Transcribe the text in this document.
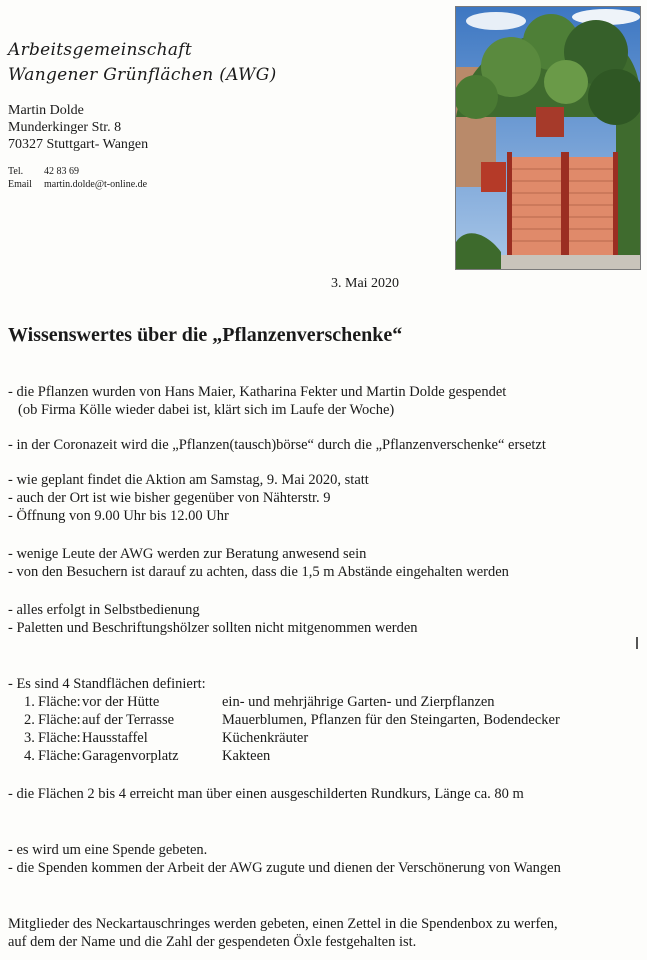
Arbeitsgemeinschaft
Wangener Grünflächen (AWG)
Martin Dolde
Munderkinger Str. 8
70327 Stuttgart- Wangen
Tel. 42 83 69
Email martin.dolde@t-online.de
3. Mai 2020
Wissenswertes über die „Pflanzenverschenke“

- die Pflanzen wurden von Hans Maier, Katharina Fekter und Martin Dolde gespendet

(ob Firma Kölle wieder dabei ist, klärt sich im Laufe der Woche)

- in der Coronazeit wird die „Pflanzen(tausch)börse“ durch die „Pflanzenverschenke“ ersetzt

- wie geplant findet die Aktion am Samstag, 9. Mai 2020, statt

- auch der Ort ist wie bisher gegenüber von Nähterstr. 9

- Öffnung von 9.00 Uhr bis 12.00 Uhr

- wenige Leute der AWG werden zur Beratung anwesend sein

- von den Besuchern ist darauf zu achten, dass die 1,5 m Abstände eingehalten werden

- alles erfolgt in Selbstbedienung

- Paletten und Beschriftungshölzer sollten nicht mitgenommen werden

- Es sind 4 Standflächen definiert:

1. Fläche: vor der Hütte	ein- und mehrjährige Garten- und Zierpflanzen
2. Fläche: auf der Terrasse	Mauerblumen, Pflanzen für den Steingarten, Bodendecker
3. Fläche: Hausstaffel	Küchenkräuter
4. Fläche: Garagenvorplatz	Kakteen

- die Flächen 2 bis 4 erreicht man über einen ausgeschilderten Rundkurs, Länge ca. 80 m

- es wird um eine Spende gebeten.

- die Spenden kommen der Arbeit der AWG zugute und dienen der Verschönerung von Wangen

Mitglieder des Neckartauschringes werden gebeten, einen Zettel in die Spendenbox zu werfen,

auf dem der Name und die Zahl der gespendeten Öxle festgehalten ist.
